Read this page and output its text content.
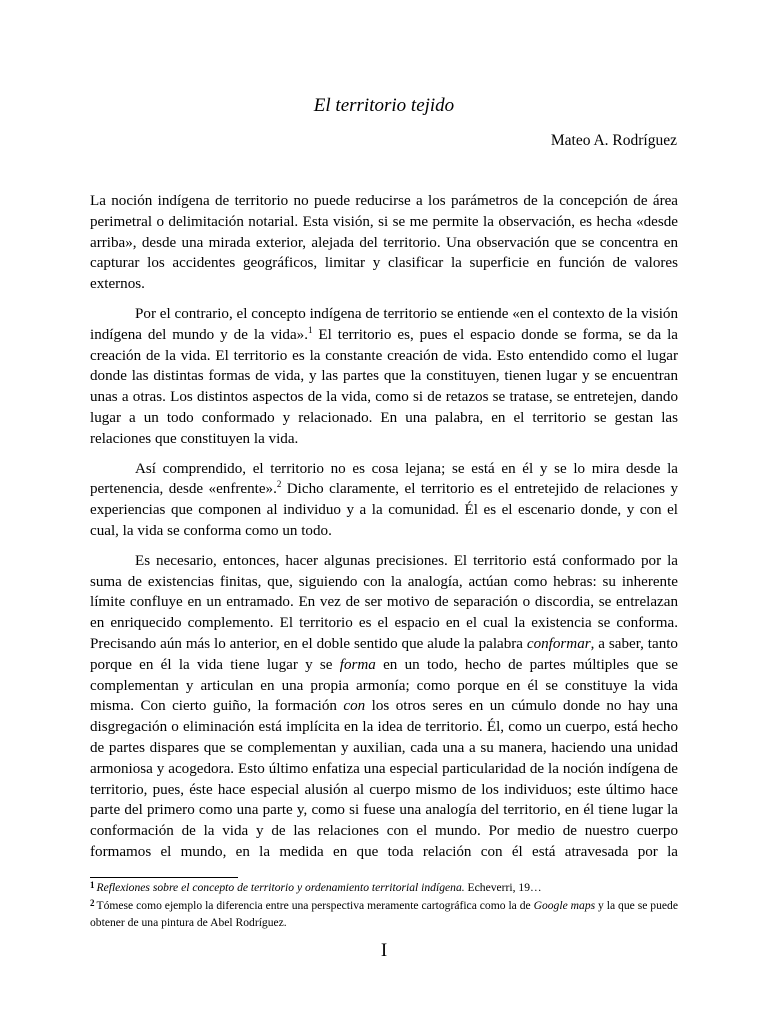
El territorio tejido
Mateo A. Rodríguez

La noción indígena de territorio no puede reducirse a los parámetros de la concepción de área perimetral o delimitación notarial. Esta visión, si se me permite la observación, es hecha «desde arriba», desde una mirada exterior, alejada del territorio. Una observación que se concentra en capturar los accidentes geográficos, limitar y clasificar la superficie en función de valores externos.

Por el contrario, el concepto indígena de territorio se entiende «en el contexto de la visión indígena del mundo y de la vida».$^1$ El territorio es, pues el espacio donde se forma, se da la creación de la vida. El territorio es la constante creación de vida. Esto entendido como el lugar donde las distintas formas de vida, y las partes que la constituyen, tienen lugar y se encuentran unas a otras. Los distintos aspectos de la vida, como si de retazos se tratase, se entretejen, dando lugar a un todo conformado y relacionado. En una palabra, en el territorio se gestan las relaciones que constituyen la vida.

Así comprendido, el territorio no es cosa lejana; se está en él y se lo mira desde la pertenencia, desde «enfrente».$^2$ Dicho claramente, el territorio es el entretejido de relaciones y experiencias que componen al individuo y a la comunidad. Él es el escenario donde, y con el cual, la vida se conforma como un todo.

Es necesario, entonces, hacer algunas precisiones. El territorio está conformado por la suma de existencias finitas, que, siguiendo con la analogía, actúan como hebras: su inherente límite confluye en un entramado. En vez de ser motivo de separación o discordia, se entrelazan en enriquecido complemento. El territorio es el espacio en el cual la existencia se conforma. Precisando aún más lo anterior, en el doble sentido que alude la palabra conformar, a saber, tanto porque en él la vida tiene lugar y se forma en un todo, hecho de partes múltiples que se complementan y articulan en una propia armonía; como porque en él se constituye la vida misma. Con cierto guiño, la formación con los otros seres en un cúmulo donde no hay una disgregación o eliminación está implícita en la idea de territorio. Él, como un cuerpo, está hecho de partes dispares que se complementan y auxilian, cada una a su manera, haciendo una unidad armoniosa y acogedora. Esto último enfatiza una especial particularidad de la noción indígena de territorio, pues, éste hace especial alusión al cuerpo mismo de los individuos; este último hace parte del primero como una parte y, como si fuese una analogía del territorio, en él tiene lugar la conformación de la vida y de las relaciones con el mundo. Por medio de nuestro cuerpo formamos el mundo, en la medida en que toda relación con él está atravesada por la

$^1$ Reflexiones sobre el concepto de territorio y ordenamiento territorial indígena. Echeverri, 19…

$^2$ Tómese como ejemplo la diferencia entre una perspectiva meramente cartográfica como la de Google maps y la que se puede obtener de una pintura de Abel Rodríguez.

I
